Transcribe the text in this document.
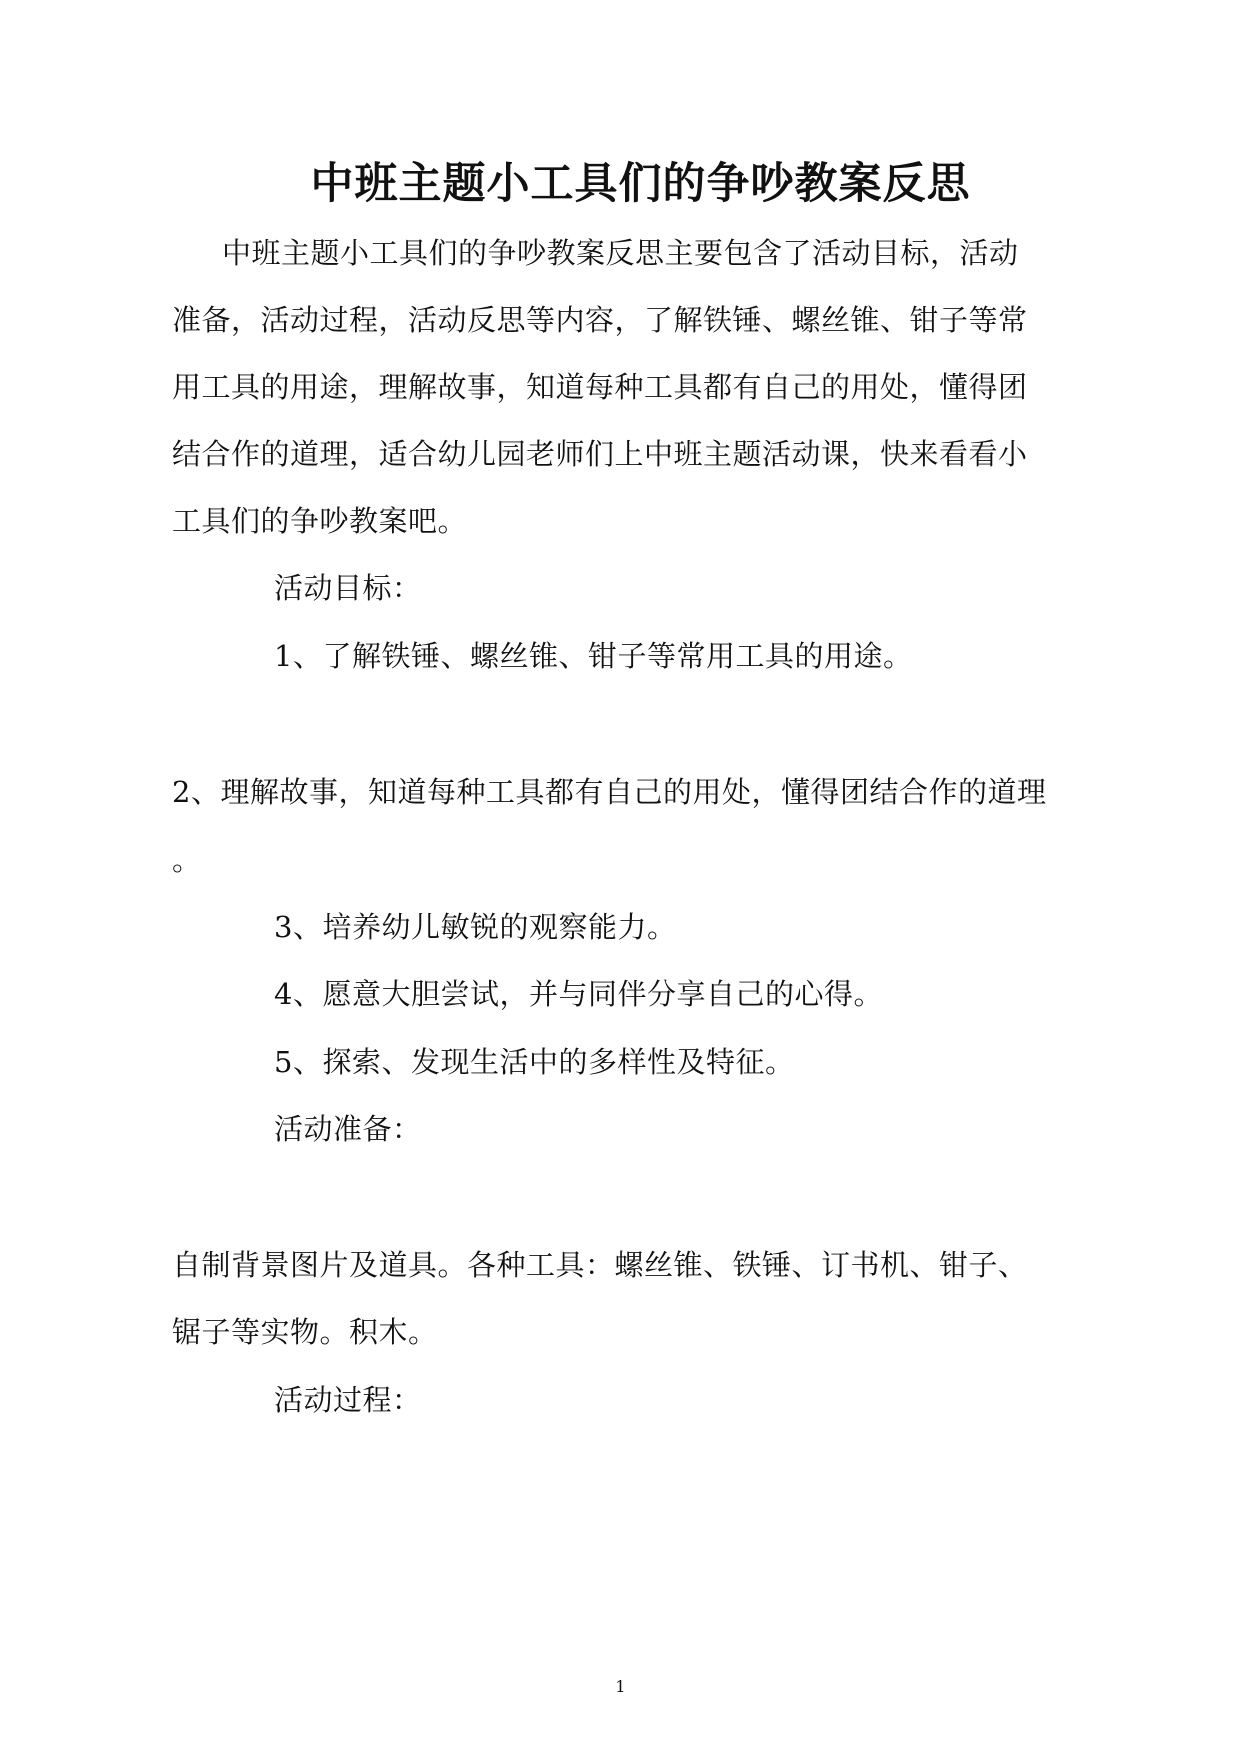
中班主题小工具们的争吵教案反思
中班主题小工具们的争吵教案反思主要包含了活动目标，活动
准备，活动过程，活动反思等内容，了解铁锤、螺丝锥、钳子等常
用工具的用途，理解故事，知道每种工具都有自己的用处，懂得团
结合作的道理，适合幼儿园老师们上中班主题活动课，快来看看小
工具们的争吵教案吧。
活动目标：
1、了解铁锤、螺丝锥、钳子等常用工具的用途。
2、理解故事，知道每种工具都有自己的用处，懂得团结合作的道理
。
3、培养幼儿敏锐的观察能力。
4、愿意大胆尝试，并与同伴分享自己的心得。
5、探索、发现生活中的多样性及特征。
活动准备：
自制背景图片及道具。各种工具：螺丝锥、铁锤、订书机、钳子、
锯子等实物。积木。
活动过程：
1
